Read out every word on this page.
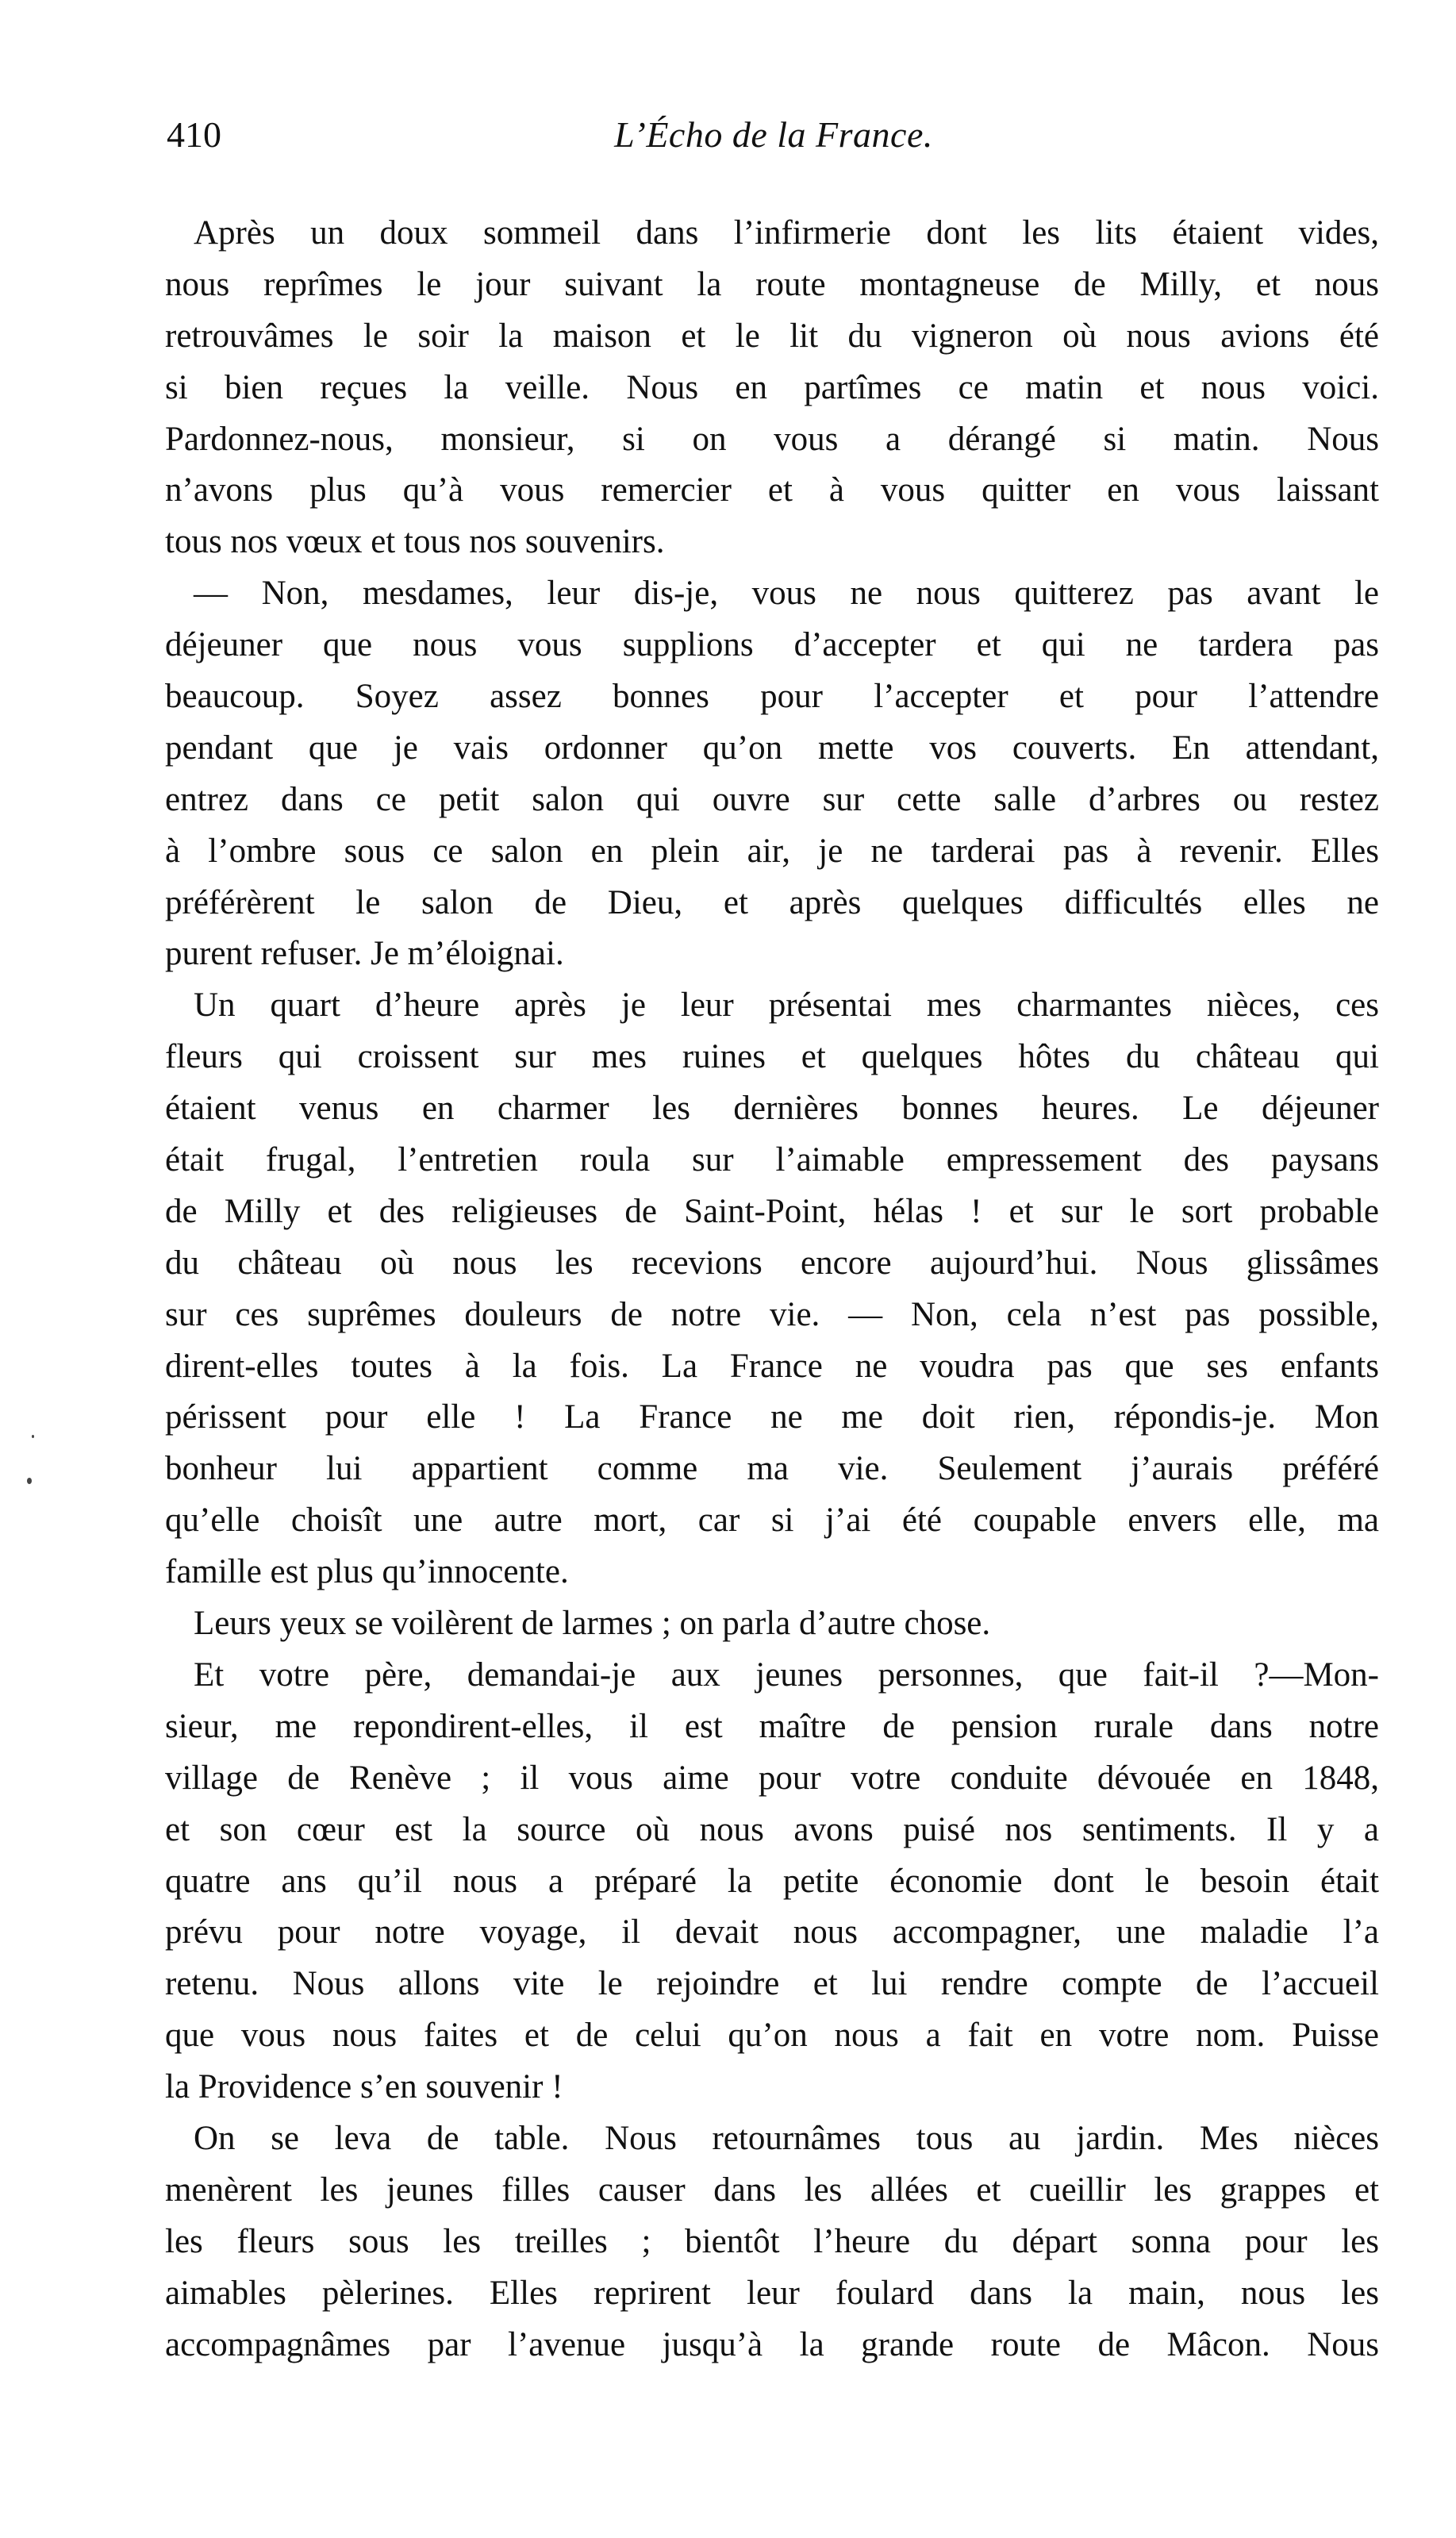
410	L’Écho de la France.
Après un doux sommeil dans l’infirmerie dont les lits étaient vides,
nous reprîmes le jour suivant la route montagneuse de Milly, et nous
retrouvâmes le soir la maison et le lit du vigneron où nous avions été
si bien reçues la veille. Nous en partîmes ce matin et nous voici.
Pardonnez-nous, monsieur, si on vous a dérangé si matin. Nous
n’avons plus qu’à vous remercier et à vous quitter en vous laissant
tous nos vœux et tous nos souvenirs.
— Non, mesdames, leur dis-je, vous ne nous quitterez pas avant le
déjeuner que nous vous supplions d’accepter et qui ne tardera pas
beaucoup. Soyez assez bonnes pour l’accepter et pour l’attendre
pendant que je vais ordonner qu’on mette vos couverts. En attendant,
entrez dans ce petit salon qui ouvre sur cette salle d’arbres ou restez
à l’ombre sous ce salon en plein air, je ne tarderai pas à revenir. Elles
préférèrent le salon de Dieu, et après quelques difficultés elles ne
purent refuser. Je m’éloignai.
Un quart d’heure après je leur présentai mes charmantes nièces, ces
fleurs qui croissent sur mes ruines et quelques hôtes du château qui
étaient venus en charmer les dernières bonnes heures. Le déjeuner
était frugal, l’entretien roula sur l’aimable empressement des paysans
de Milly et des religieuses de Saint-Point, hélas ! et sur le sort probable
du château où nous les recevions encore aujourd’hui. Nous glissâmes
sur ces suprêmes douleurs de notre vie. — Non, cela n’est pas possible,
dirent-elles toutes à la fois. La France ne voudra pas que ses enfants
périssent pour elle ! La France ne me doit rien, répondis-je. Mon
bonheur lui appartient comme ma vie. Seulement j’aurais préféré
qu’elle choisît une autre mort, car si j’ai été coupable envers elle, ma
famille est plus qu’innocente.
Leurs yeux se voilèrent de larmes ; on parla d’autre chose.
Et votre père, demandai-je aux jeunes personnes, que fait-il ?—Mon-
sieur, me repondirent-elles, il est maître de pension rurale dans notre
village de Renève ; il vous aime pour votre conduite dévouée en 1848,
et son cœur est la source où nous avons puisé nos sentiments. Il y a
quatre ans qu’il nous a préparé la petite économie dont le besoin était
prévu pour notre voyage, il devait nous accompagner, une maladie l’a
retenu. Nous allons vite le rejoindre et lui rendre compte de l’accueil
que vous nous faites et de celui qu’on nous a fait en votre nom. Puisse
la Providence s’en souvenir !
On se leva de table. Nous retournâmes tous au jardin. Mes nièces
menèrent les jeunes filles causer dans les allées et cueillir les grappes et
les fleurs sous les treilles ; bientôt l’heure du départ sonna pour les
aimables pèlerines. Elles reprirent leur foulard dans la main, nous les
accompagnâmes par l’avenue jusqu’à la grande route de Mâcon. Nous
